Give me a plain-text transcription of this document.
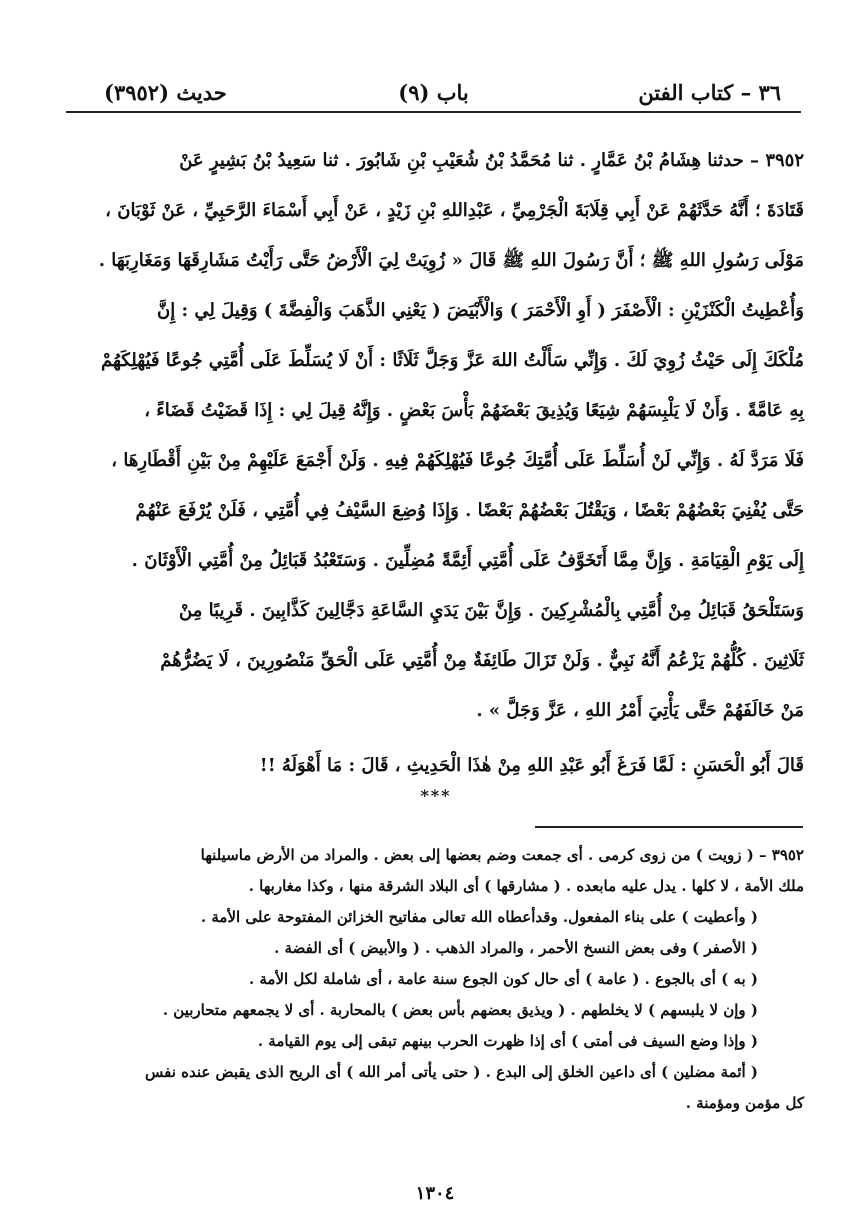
(٣٩٥٢) حديث	(٩) باب	٣٦ – كتاب الفتن

٣٩٥٢ – حدثنا هِشَامُ بْنُ عَمَّارٍ . ثنا مُحَمَّدُ بْنُ شُعَيْبِ بْنِ شَابُورَ . ثنا سَعِيدُ بْنُ بَشِيرٍ عَنْ

قَتَادَةَ ؛ أَنَّهُ حَدَّثَهُمْ عَنْ أَبِي قِلَابَةَ الْجَرْمِيِّ ، عَبْدِاللهِ بْنِ زَيْدٍ ، عَنْ أَبِي أَسْمَاءَ الرَّحَبِيِّ ، عَنْ ثَوْبَانَ ،

مَوْلَى رَسُولِ اللهِ ﷺ ؛ أَنَّ رَسُولَ اللهِ ﷺ قَالَ « زُوِيَتْ لِيَ الْأَرْضُ حَتَّى رَأَيْتُ مَشَارِقَهَا وَمَغَارِبَهَا .

وَأُعْطِيتُ الْكَنْزَيْنِ : الْأَصْفَرَ ( أَوِ الْأَحْمَرَ ) وَالْأَبْيَضَ ( يَعْنِي الذَّهَبَ وَالْفِضَّةَ ) وَقِيلَ لِي : إِنَّ

مُلْكَكَ إِلَى حَيْثُ زُوِيَ لَكَ . وَإِنِّي سَأَلْتُ اللهَ عَزَّ وَجَلَّ ثَلَاثًا : أَنْ لَا يُسَلِّطَ عَلَى أُمَّتِي جُوعًا فَيُهْلِكَهُمْ

بِهِ عَامَّةً . وَأَنْ لَا يَلْبِسَهُمْ شِيَعًا وَيُذِيقَ بَعْضَهُمْ بَأْسَ بَعْضٍ . وَإِنَّهُ قِيلَ لِي : إِذَا قَضَيْتُ قَضَاءً ،

فَلَا مَرَدَّ لَهُ . وَإِنِّي لَنْ أُسَلِّطَ عَلَى أُمَّتِكَ جُوعًا فَيُهْلِكَهُمْ فِيهِ . وَلَنْ أَجْمَعَ عَلَيْهِمْ مِنْ بَيْنِ أَقْطَارِهَا ،

حَتَّى يُفْنِيَ بَعْضُهُمْ بَعْضًا ، وَيَقْتُلَ بَعْضُهُمْ بَعْضًا . وَإِذَا وُضِعَ السَّيْفُ فِي أُمَّتِي ، فَلَنْ يُرْفَعَ عَنْهُمْ

إِلَى يَوْمِ الْقِيَامَةِ . وَإِنَّ مِمَّا أَتَخَوَّفُ عَلَى أُمَّتِي أَئِمَّةً مُضِلِّينَ . وَسَتَعْبُدُ قَبَائِلُ مِنْ أُمَّتِي الْأَوْثَانَ .

وَسَتَلْحَقُ قَبَائِلُ مِنْ أُمَّتِي بِالْمُشْرِكِينَ . وَإِنَّ بَيْنَ يَدَيِ السَّاعَةِ دَجَّالِينَ كَذَّابِينَ . قَرِيبًا مِنْ

ثَلَاثِينَ . كُلُّهُمْ يَزْعُمُ أَنَّهُ نَبِيٌّ . وَلَنْ تَزَالَ طَائِفَةٌ مِنْ أُمَّتِي عَلَى الْحَقِّ مَنْصُورِينَ ، لَا يَضُرُّهُمْ

مَنْ خَالَفَهُمْ حَتَّى يَأْتِيَ أَمْرُ اللهِ ، عَزَّ وَجَلَّ » .

قَالَ أَبُو الْحَسَنِ : لَمَّا فَرَغَ أَبُو عَبْدِ اللهِ مِنْ هٰذَا الْحَدِيثِ ، قَالَ : مَا أَهْوَلَهُ !!
***

٣٩٥٢ – ( زويت ) من زوى كرمى . أى جمعت وضم بعضها إلى بعض . والمراد من الأرض ماسيلنها

ملك الأمة ، لا كلها . يدل عليه مابعده . ( مشارقها ) أى البلاد الشرقة منها ، وكذا مغاربها .

( وأعطيت ) على بناء المفعول. وقدأعطاه الله تعالى مفاتيح الخزائن المفتوحة على الأمة .

( الأصفر ) وفى بعض النسخ الأحمر ، والمراد الذهب . ( والأبيض ) أى الفضة .

( به ) أى بالجوع . ( عامة ) أى حال كون الجوع سنة عامة ، أى شاملة لكل الأمة .

( وإن لا يلبسهم ) لا يخلطهم . ( ويذيق بعضهم بأس بعض ) بالمحاربة . أى لا يجمعهم متحاربين .

( وإذا وضع السيف فى أمتى ) أى إذا ظهرت الحرب بينهم تبقى إلى يوم القيامة .

( أئمة مضلين ) أى داعين الخلق إلى البدع . ( حتى يأتى أمر الله ) أى الريح الذى يقبض عنده نفس

كل مؤمن ومؤمنة .

١٣٠٤
